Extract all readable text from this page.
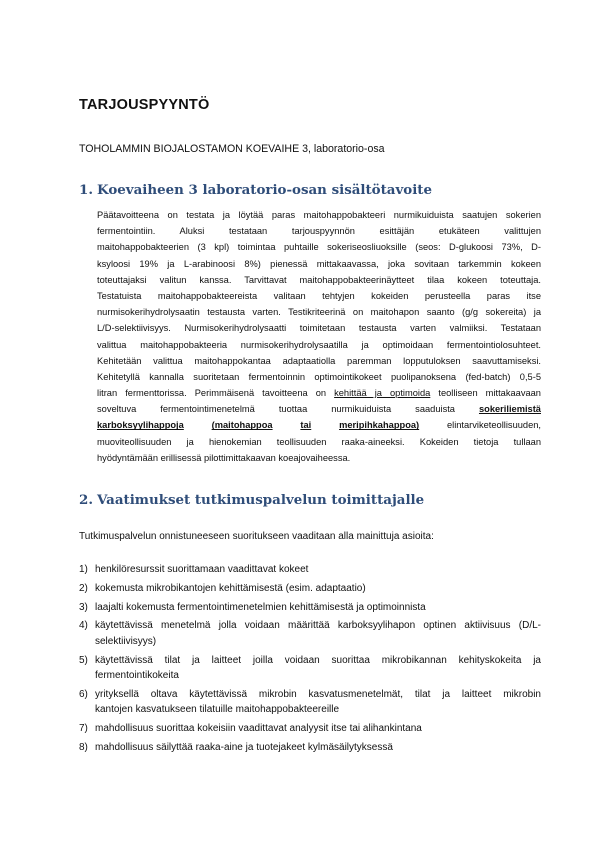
TARJOUSPYYNTÖ
TOHOLAMMIN BIOJALOSTAMON KOEVAIHE 3, laboratorio-osa
1. Koevaiheen 3 laboratorio-osan sisältötavoite
Päätavoitteena on testata ja löytää paras maitohappobakteeri nurmikuiduista saatujen sokerien
fermentointiin. Aluksi testataan tarjouspyynnön esittäjän etukäteen valittujen
maitohappobakteerien (3 kpl) toimintaa puhtaille sokeriseosliuoksille (seos: D-glukoosi 73%, D-
ksyloosi 19% ja L-arabinoosi 8%) pienessä mittakaavassa, joka sovitaan tarkemmin kokeen
toteuttajaksi valitun kanssa. Tarvittavat maitohappobakteerinäytteet tilaa kokeen toteuttaja.
Testatuista maitohappobakteereista valitaan tehtyjen kokeiden perusteella paras itse
nurmisokerihydrolysaatin testausta varten. Testikriteerinä on maitohapon saanto (g/g sokereita) ja
L/D-selektiivisyys. Nurmisokerihydrolysaatti toimitetaan testausta varten valmiiksi. Testataan
valittua maitohappobakteeria nurmisokerihydrolysaatilla ja optimoidaan fermentointiolosuhteet.
Kehitetään valittua maitohappokantaa adaptaatiolla paremman lopputuloksen saavuttamiseksi.
Kehitetyllä kannalla suoritetaan fermentoinnin optimointikokeet puolipanoksena (fed-batch) 0,5-5
litran fermenttorissa. Perimmäisenä tavoitteena on kehittää ja optimoida teolliseen mittakaavaan
soveltuva	fermentointimenetelmä	tuottaa	nurmikuiduista	saaduista	sokeriliemistä
karboksyylihappoja	(maitohappoa	tai	meripihkahappoa)	elintarviketeollisuuden,
muoviteollisuuden ja hienokemian teollisuuden raaka-aineeksi. Kokeiden tietoja tullaan
hyödyntämään erillisessä pilottimittakaavan koeajovaiheessa.
2. Vaatimukset tutkimuspalvelun toimittajalle
Tutkimuspalvelun onnistuneeseen suoritukseen vaaditaan alla mainittuja asioita:
1) henkilöresurssit suorittamaan vaadittavat kokeet
2) kokemusta mikrobikantojen kehittämisestä (esim. adaptaatio)
3) laajalti kokemusta fermentointimenetelmien kehittämisestä ja optimoinnista
4) käytettävissä menetelmä jolla voidaan määrittää karboksyylihapon optinen aktiivisuus (D/L-
selektiivisyys)
5) käytettävissä tilat ja laitteet joilla voidaan suorittaa mikrobikannan kehityskokeita ja
fermentointikokeita
6) yrityksellä oltava käytettävissä mikrobin kasvatusmenetelmät, tilat ja laitteet mikrobin
kantojen kasvatukseen tilatuille maitohappobakteereille
7) mahdollisuus suorittaa kokeisiin vaadittavat analyysit itse tai alihankintana
8) mahdollisuus säilyttää raaka-aine ja tuotejakeet kylmäsäilytyksessä
